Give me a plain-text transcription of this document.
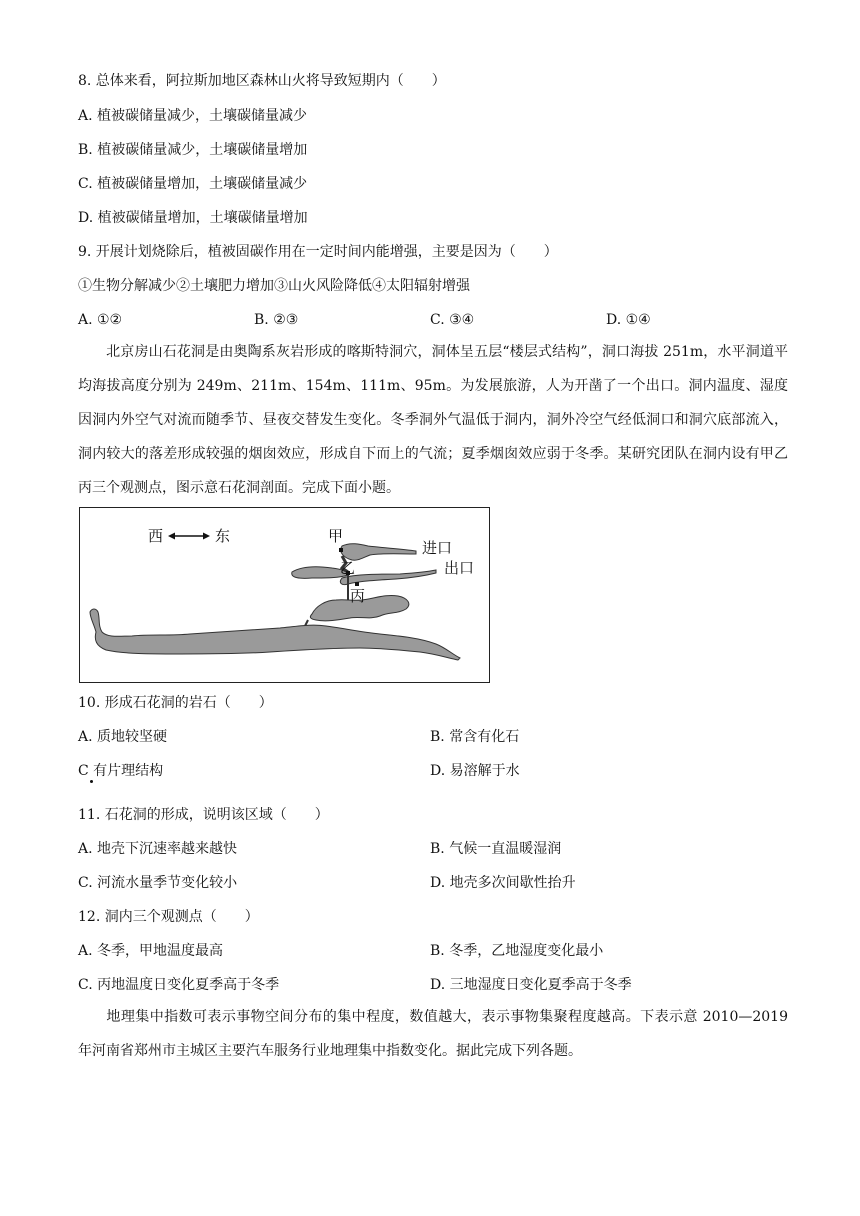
8. 总体来看，阿拉斯加地区森林山火将导致短期内（　　）
A. 植被碳储量减少，土壤碳储量减少
B. 植被碳储量减少，土壤碳储量增加
C. 植被碳储量增加，土壤碳储量减少
D. 植被碳储量增加，土壤碳储量增加
9. 开展计划烧除后，植被固碳作用在一定时间内能增强，主要是因为（　　）
①生物分解减少②土壤肥力增加③山火风险降低④太阳辐射增强
A. ①②	B. ②③	C. ③④	D. ①④
北京房山石花洞是由奥陶系灰岩形成的喀斯特洞穴，洞体呈五层“楼层式结构”，洞口海拔 251m，水平洞道平均海拔高度分别为 249m、211m、154m、111m、95m。为发展旅游，人为开凿了一个出口。洞内温度、湿度因洞内外空气对流而随季节、昼夜交替发生变化。冬季洞外气温低于洞内，洞外冷空气经低洞口和洞穴底部流入，洞内较大的落差形成较强的烟囱效应，形成自下而上的气流；夏季烟囱效应弱于冬季。某研究团队在洞内设有甲乙丙三个观测点，图示意石花洞剖面。完成下面小题。
西	东	甲
乙
丙
进口
出口
10. 形成石花洞的岩石（　　）
A. 质地较坚硬	B. 常含有化石
C 有片理结构	D. 易溶解于水
11. 石花洞的形成，说明该区域（　　）
A. 地壳下沉速率越来越快	B. 气候一直温暖湿润
C. 河流水量季节变化较小	D. 地壳多次间歇性抬升
12. 洞内三个观测点（　　）
A. 冬季，甲地温度最高	B. 冬季，乙地湿度变化最小
C. 丙地温度日变化夏季高于冬季	D. 三地湿度日变化夏季高于冬季
地理集中指数可表示事物空间分布的集中程度，数值越大，表示事物集聚程度越高。下表示意 2010—2019 年河南省郑州市主城区主要汽车服务行业地理集中指数变化。据此完成下列各题。
